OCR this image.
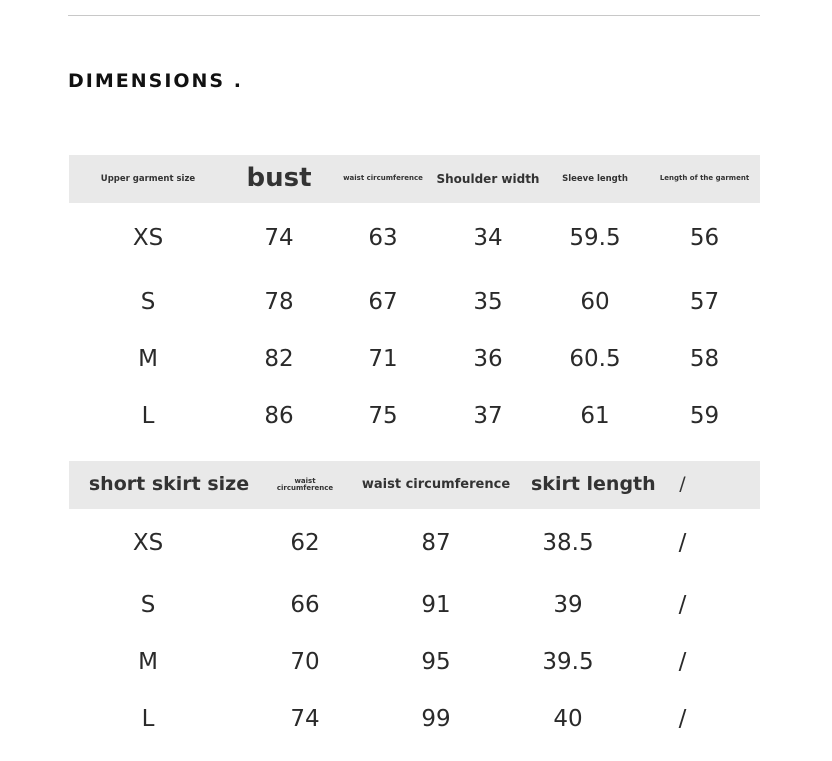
DIMENSIONS .
Upper garment size	bust	waist circumference	Shoulder width	Sleeve length	Length of the garment
XS	74	63	34	59.5	56
S	78	67	35	60	57
M	82	71	36	60.5	58
L	86	75	37	61	59
short skirt size	waist circumference	waist circumference	skirt length	/
XS	62	87	38.5	/
S	66	91	39	/
M	70	95	39.5	/
L	74	99	40	/
